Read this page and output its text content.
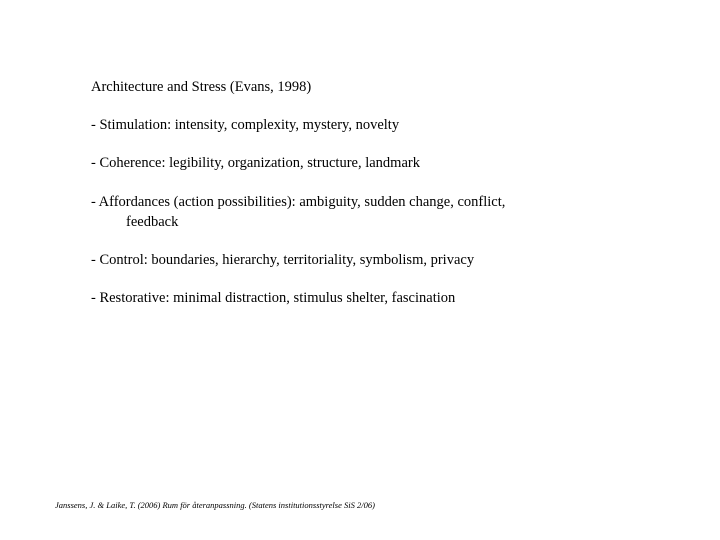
Architecture and Stress (Evans, 1998)
- Stimulation: intensity, complexity, mystery, novelty
- Coherence: legibility, organization, structure, landmark
- Affordances (action possibilities): ambiguity, sudden change, conflict,
feedback
- Control: boundaries, hierarchy, territoriality, symbolism, privacy
- Restorative: minimal distraction, stimulus shelter, fascination
Janssens, J. & Laike, T. (2006) Rum för återanpassning. (Statens institutionsstyrelse SiS 2/06)
